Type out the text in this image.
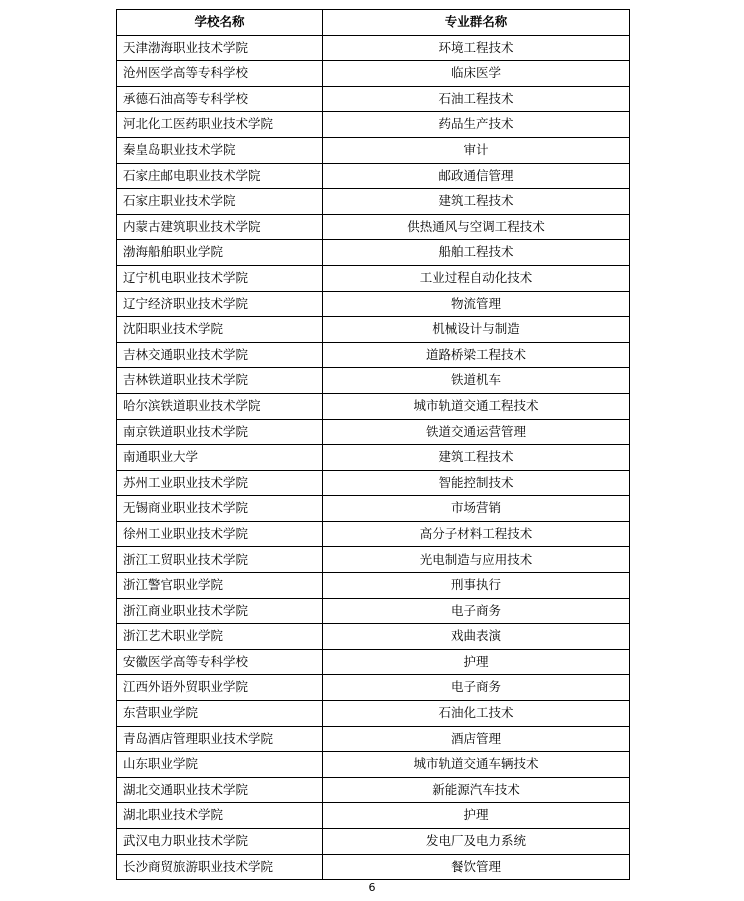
学校名称	专业群名称
天津渤海职业技术学院	环境工程技术
沧州医学高等专科学校	临床医学
承德石油高等专科学校	石油工程技术
河北化工医药职业技术学院	药品生产技术
秦皇岛职业技术学院	审计
石家庄邮电职业技术学院	邮政通信管理
石家庄职业技术学院	建筑工程技术
内蒙古建筑职业技术学院	供热通风与空调工程技术
渤海船舶职业学院	船舶工程技术
辽宁机电职业技术学院	工业过程自动化技术
辽宁经济职业技术学院	物流管理
沈阳职业技术学院	机械设计与制造
吉林交通职业技术学院	道路桥梁工程技术
吉林铁道职业技术学院	铁道机车
哈尔滨铁道职业技术学院	城市轨道交通工程技术
南京铁道职业技术学院	铁道交通运营管理
南通职业大学	建筑工程技术
苏州工业职业技术学院	智能控制技术
无锡商业职业技术学院	市场营销
徐州工业职业技术学院	高分子材料工程技术
浙江工贸职业技术学院	光电制造与应用技术
浙江警官职业学院	刑事执行
浙江商业职业技术学院	电子商务
浙江艺术职业学院	戏曲表演
安徽医学高等专科学校	护理
江西外语外贸职业学院	电子商务
东营职业学院	石油化工技术
青岛酒店管理职业技术学院	酒店管理
山东职业学院	城市轨道交通车辆技术
湖北交通职业技术学院	新能源汽车技术
湖北职业技术学院	护理
武汉电力职业技术学院	发电厂及电力系统
长沙商贸旅游职业技术学院	餐饮管理
6
